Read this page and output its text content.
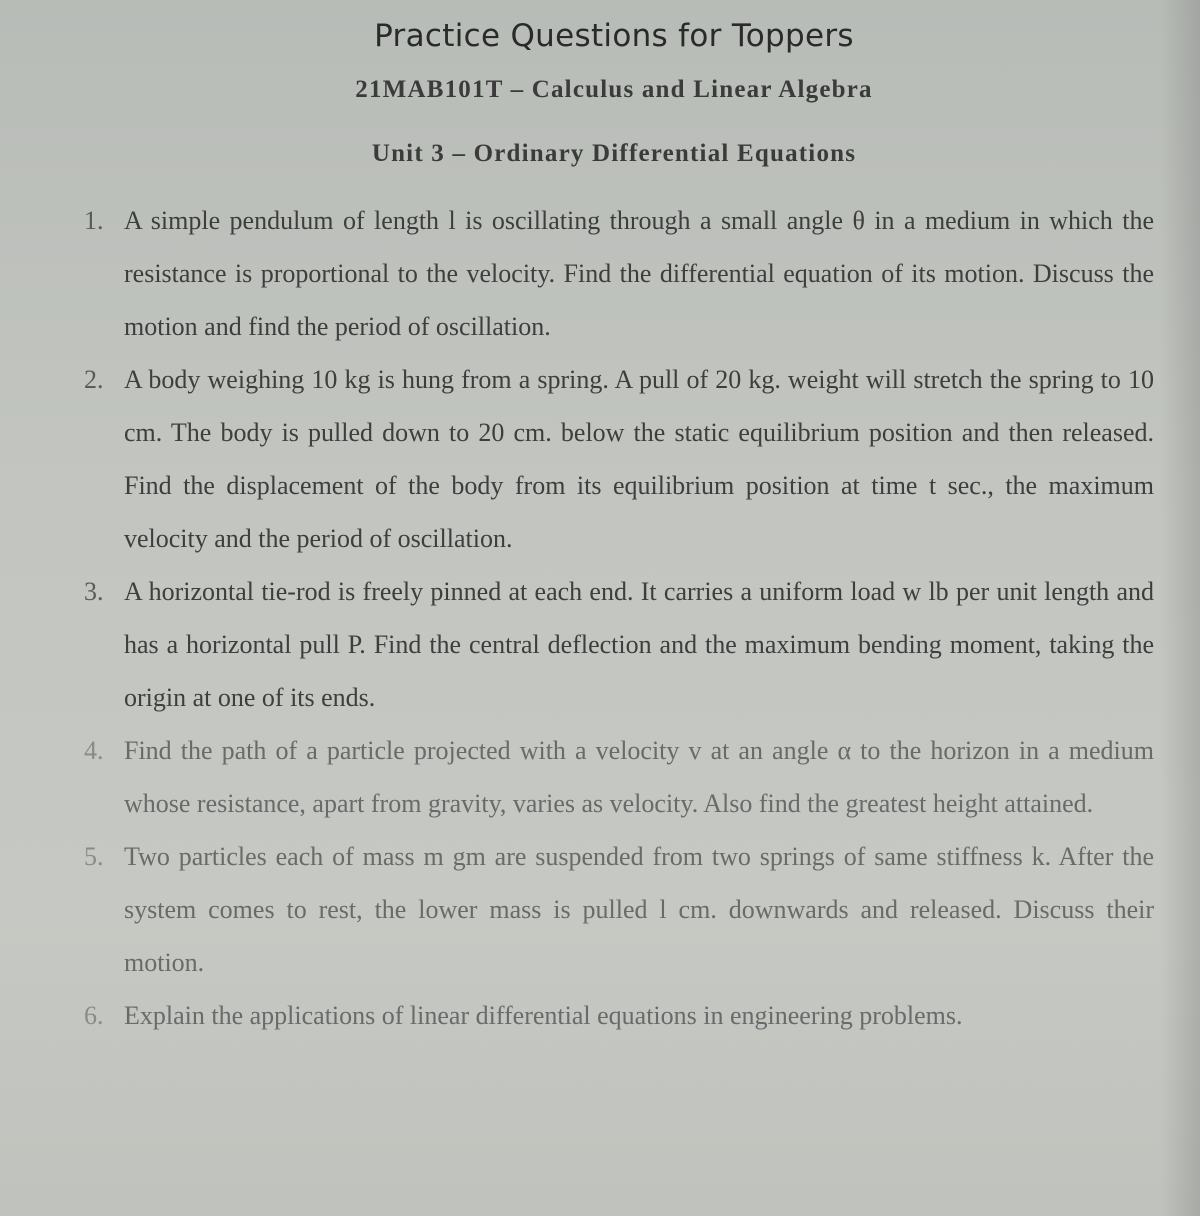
Practice Questions for Toppers
21MAB101T – Calculus and Linear Algebra
Unit 3 – Ordinary Differential Equations
1. A simple pendulum of length l is oscillating through a small angle θ in a medium in which the resistance is proportional to the velocity. Find the differential equation of its motion. Discuss the motion and find the period of oscillation.
2. A body weighing 10 kg is hung from a spring. A pull of 20 kg. weight will stretch the spring to 10 cm. The body is pulled down to 20 cm. below the static equilibrium position and then released. Find the displacement of the body from its equilibrium position at time t sec., the maximum velocity and the period of oscillation.
3. A horizontal tie-rod is freely pinned at each end. It carries a uniform load w lb per unit length and has a horizontal pull P. Find the central deflection and the maximum bending moment, taking the origin at one of its ends.
4. Find the path of a particle projected with a velocity v at an angle α to the horizon in a medium whose resistance, apart from gravity, varies as velocity. Also find the greatest height attained.
5. Two particles each of mass m gm are suspended from two springs of same stiffness k. After the system comes to rest, the lower mass is pulled l cm. downwards and released. Discuss their motion.
6. Explain the applications of linear differential equations in engineering problems.
